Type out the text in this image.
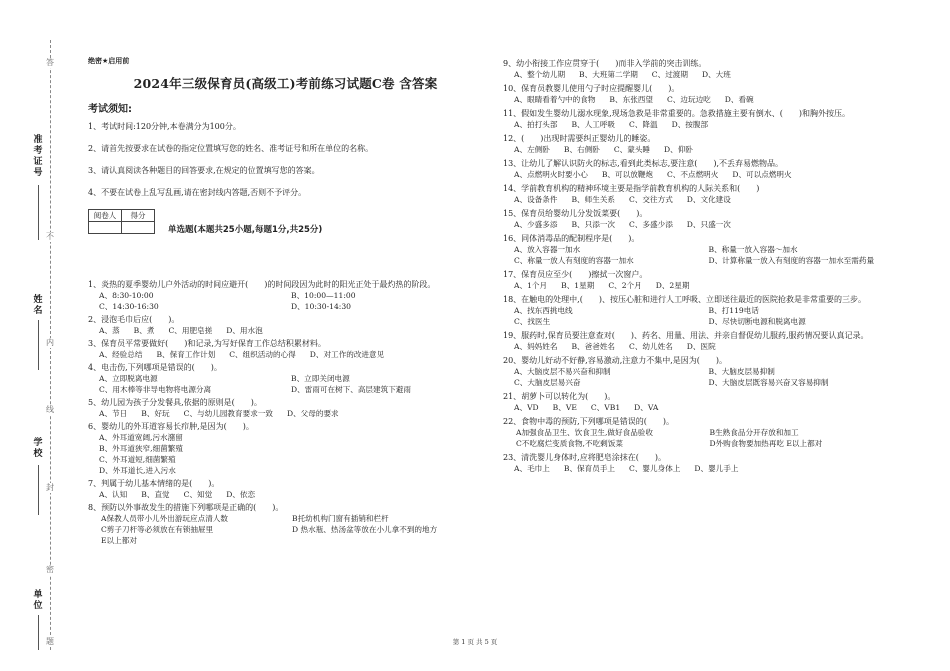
准考证号
姓名
学校
单位
答
不
内
线
封
密
题
绝密★启用前
2024年三级保育员(高级工)考前练习试题C卷 含答案
考试须知:
1、考试时间:120分钟,本卷满分为100分。
2、请首先按要求在试卷的指定位置填写您的姓名、准考证号和所在单位的名称。
3、请认真阅读各种题目的回答要求,在规定的位置填写您的答案。
4、不要在试卷上乱写乱画,请在密封线内答题,否则不予评分。
阅卷人	得分

单选题(本题共25小题,每题1分,共25分)
1、炎热的夏季婴幼儿户外活动的时间应避开(　　)的时间段因为此时的阳光正处于最灼热的阶段。
A、8:30-10:00	B、10:00—11:00
C、14:30-16:30	D、10:30-14:30
2、浸泡毛巾后应(　　)。
A、蒸 B、煮 C、用肥皂搓 D、用水泡
3、保育员平常要做好(　　)和记录,为写好保育工作总结积累材料。
A、经验总结 B、保育工作计划 C、组织活动的心得 D、对工作的改进意见
4、电击伤,下列哪项是错误的(　　)。
A、立即脱离电源	B、立即关闭电源
C、用木棒等非导电物将电源分离	D、雷雨可在树下、高层建筑下避雨
5、幼儿园为孩子分发餐具,依据的原则是(　　)。
A、节日 B、好玩 C、与幼儿园教育要求一致 D、父母的要求
6、婴幼儿的外耳道容易长疖肿,是因为(　　)。
A、外耳道宽阔,污水潴留
B、外耳道狭窄,细菌繁殖
C、外耳道短,细菌繁殖
D、外耳道长,进入污水
7、判属于幼儿基本情绪的是(　　)。
A、认知 B、直觉 C、知觉 D、依恋
8、预防以外事故发生的措施下列哪项是正确的(　　)。
A保教人员带小儿外出游玩应点清人数	B托幼机构门窗有插销和栏杆
C剪子刀杆等必须放在有锁抽屉里	D 热水瓶、热汤盆等放在小儿拿不到的地方
E以上都对
9、幼小衔接工作应贯穿于(　　)而非入学前的突击训练。
A、整个幼儿期 B、大班第二学期 C、过渡期 D、大班
10、保育员教婴儿使用勺子时应提醒婴儿(　　)。
A、眼睛看着勺中的食物 B、东张西望 C、边玩边吃 D、看碗
11、假如发生婴幼儿溺水现象,现场急救是非常重要的。急救措施主要有倒水、(　　)和胸外按压。
A、拍打头部 B、人工呼吸 C、降温 D、按腹部
12、(　　)出现时需要纠正婴幼儿的睡姿。
A、左侧卧 B、右侧卧 C、蒙头睡 D、仰卧
13、让幼儿了解认识防火的标志,看到此类标志,要注意(　　),不丢弃易燃物品。
A、点燃明火时要小心 B、可以放鞭炮 C、不点燃明火 D、可以点燃明火
14、学前教育机构的精神环境主要是指学前教育机构的人际关系和(　　)
A、设备条件 B、师生关系 C、交往方式 D、文化建设
15、保育员给婴幼儿分发饭菜要(　　)。
A、少盛多添 B、只添一次 C、多盛少添 D、只盛一次
16、同体消毒品的配制程序是(　　)。
A、放入容器一加水	B、称量一放入容器～加水
C、称量一放人有刻度的容器一加水	D、计算称量一放入有刻度的容器一加水至需药量
17、保育员应至少(　　)擦拭一次窗户。
A、1个月 B、1星期 C、2个月 D、2星期
18、在触电的处理中,(　　)、按压心脏和进行人工呼吸、立即送往最近的医院抢救是非常重要的三步。
A、找东西挑电线	B、打119电话
C、找医生	D、尽快切断电源和脱离电源
19、服药时,保育员要注意查对(　　)、药名、用量、用法、并亲自督促幼儿服药,服药情况要认真记录。
A、妈妈姓名 B、爸爸姓名 C、幼儿姓名 D、医院
20、婴幼儿好动不好静,容易激动,注意力不集中,是因为(　　)。
A、大脑皮层不易兴奋和抑制	B、大脑皮层易抑制
C、大脑皮层易兴奋	D、大脑皮层既容易兴奋又容易抑制
21、胡萝卜可以转化为(　　)。
A、VD B、VE C、VB1 D、VA
22、食物中毒的预防,下列哪项是错误的(　　)。
A加强食品卫生、饮食卫生,做好食品验收	B生熟食品分开存放和加工
C不吃腐烂变质食物,不吃剩饭菜	D外购食物要加热再吃 E以上都对
23、清洗婴儿身体时,应将肥皂涂抹在(　　)。
A、毛巾上 B、保育员手上 C、婴儿身体上 D、婴儿手上
第 1 页 共 5 页
